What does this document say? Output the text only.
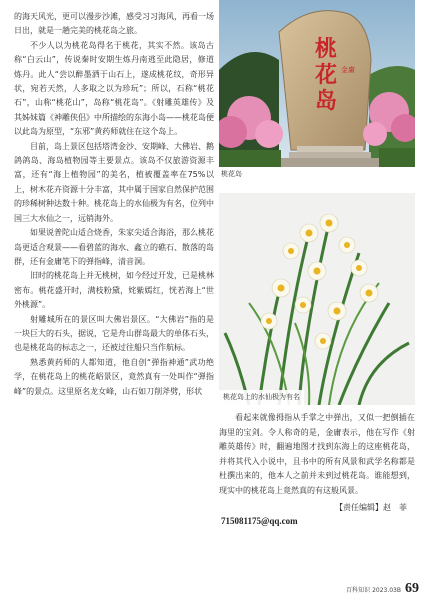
的海天风光，更可以漫步沙滩，感受习习海风，再看一场日出，就是一趟完美的桃花岛之旅。

不少人以为桃花岛得名于桃花，其实不然。该岛古称“白云山”，传说秦时安期生炼丹南逃至此隐居，修道炼丹。此人“尝以醉墨洒于山石上，遂成桃花纹，奇形异状，宛若天然，人多取之以为珍玩”；所以，石称“桃花石”，山称“桃花山”，岛称“桃花岛”。《射雕英雄传》及其姊妹篇《神雕侠侣》中所描绘的东海小岛——桃花岛便以此岛为原型，“东邪”黄药师就住在这个岛上。

目前，岛上景区包括塔湾金沙、安期峰、大佛岩、鹅鸽鸽岛、海岛植物园等主要景点。该岛不仅旅游资源丰富，还有“海上植物园”的美名，植被覆盖率在75%以上，树木花卉资源十分丰富，其中属于国家自然保护范围的珍稀树种达数十种。桃花岛上的水仙极为有名，位列中国三大水仙之一，远销海外。

如果说普陀山适合烧香，朱家尖适合海浴，那么桃花岛更适合观景——看碧蓝的海水、鑫立的礁石、散落的岛群，还有金庸笔下的弹指峰，清音洞。

旧时的桃花岛上并无桃树，如今经过开发，已是桃林密布。桃花盛开时，满枝粉黛，姹紫嫣红，恍若海上“世外桃源”。

射雕城所在的景区叫大佛岩景区。“大佛岩”指的是一块巨大的石头，据说，它是舟山群岛最大的单体石头，也是桃花岛的标志之一，还被过往船只当作航标。

熟悉黄药师的人都知道，他自创“弹指神通”武功绝学，在桃花岛上的桃花峪景区，竟然真有一处叫作“弹指峰”的景点。这里原名龙女峰，山石如刀削斧劈，形状

桃
花
岛
金庸
桃花岛
桃花岛上的水仙极为有名

看起来就像拇指从手掌之中弹出，又似一把倒插在海里的宝剑。令人称奇的是，金庸表示，他在写作《射雕英雄传》时，翻遍地图才找到东海上的这座桃花岛，并将其代入小说中，且书中的所有风景和武学名称都是杜撰出来的，他本人之前并未到过桃花岛。谁能想到，现实中的桃花岛上竟然真的有这般风景。

【责任编辑】赵　菲
715081175@qq.com
百科知识 2023.03B 69
